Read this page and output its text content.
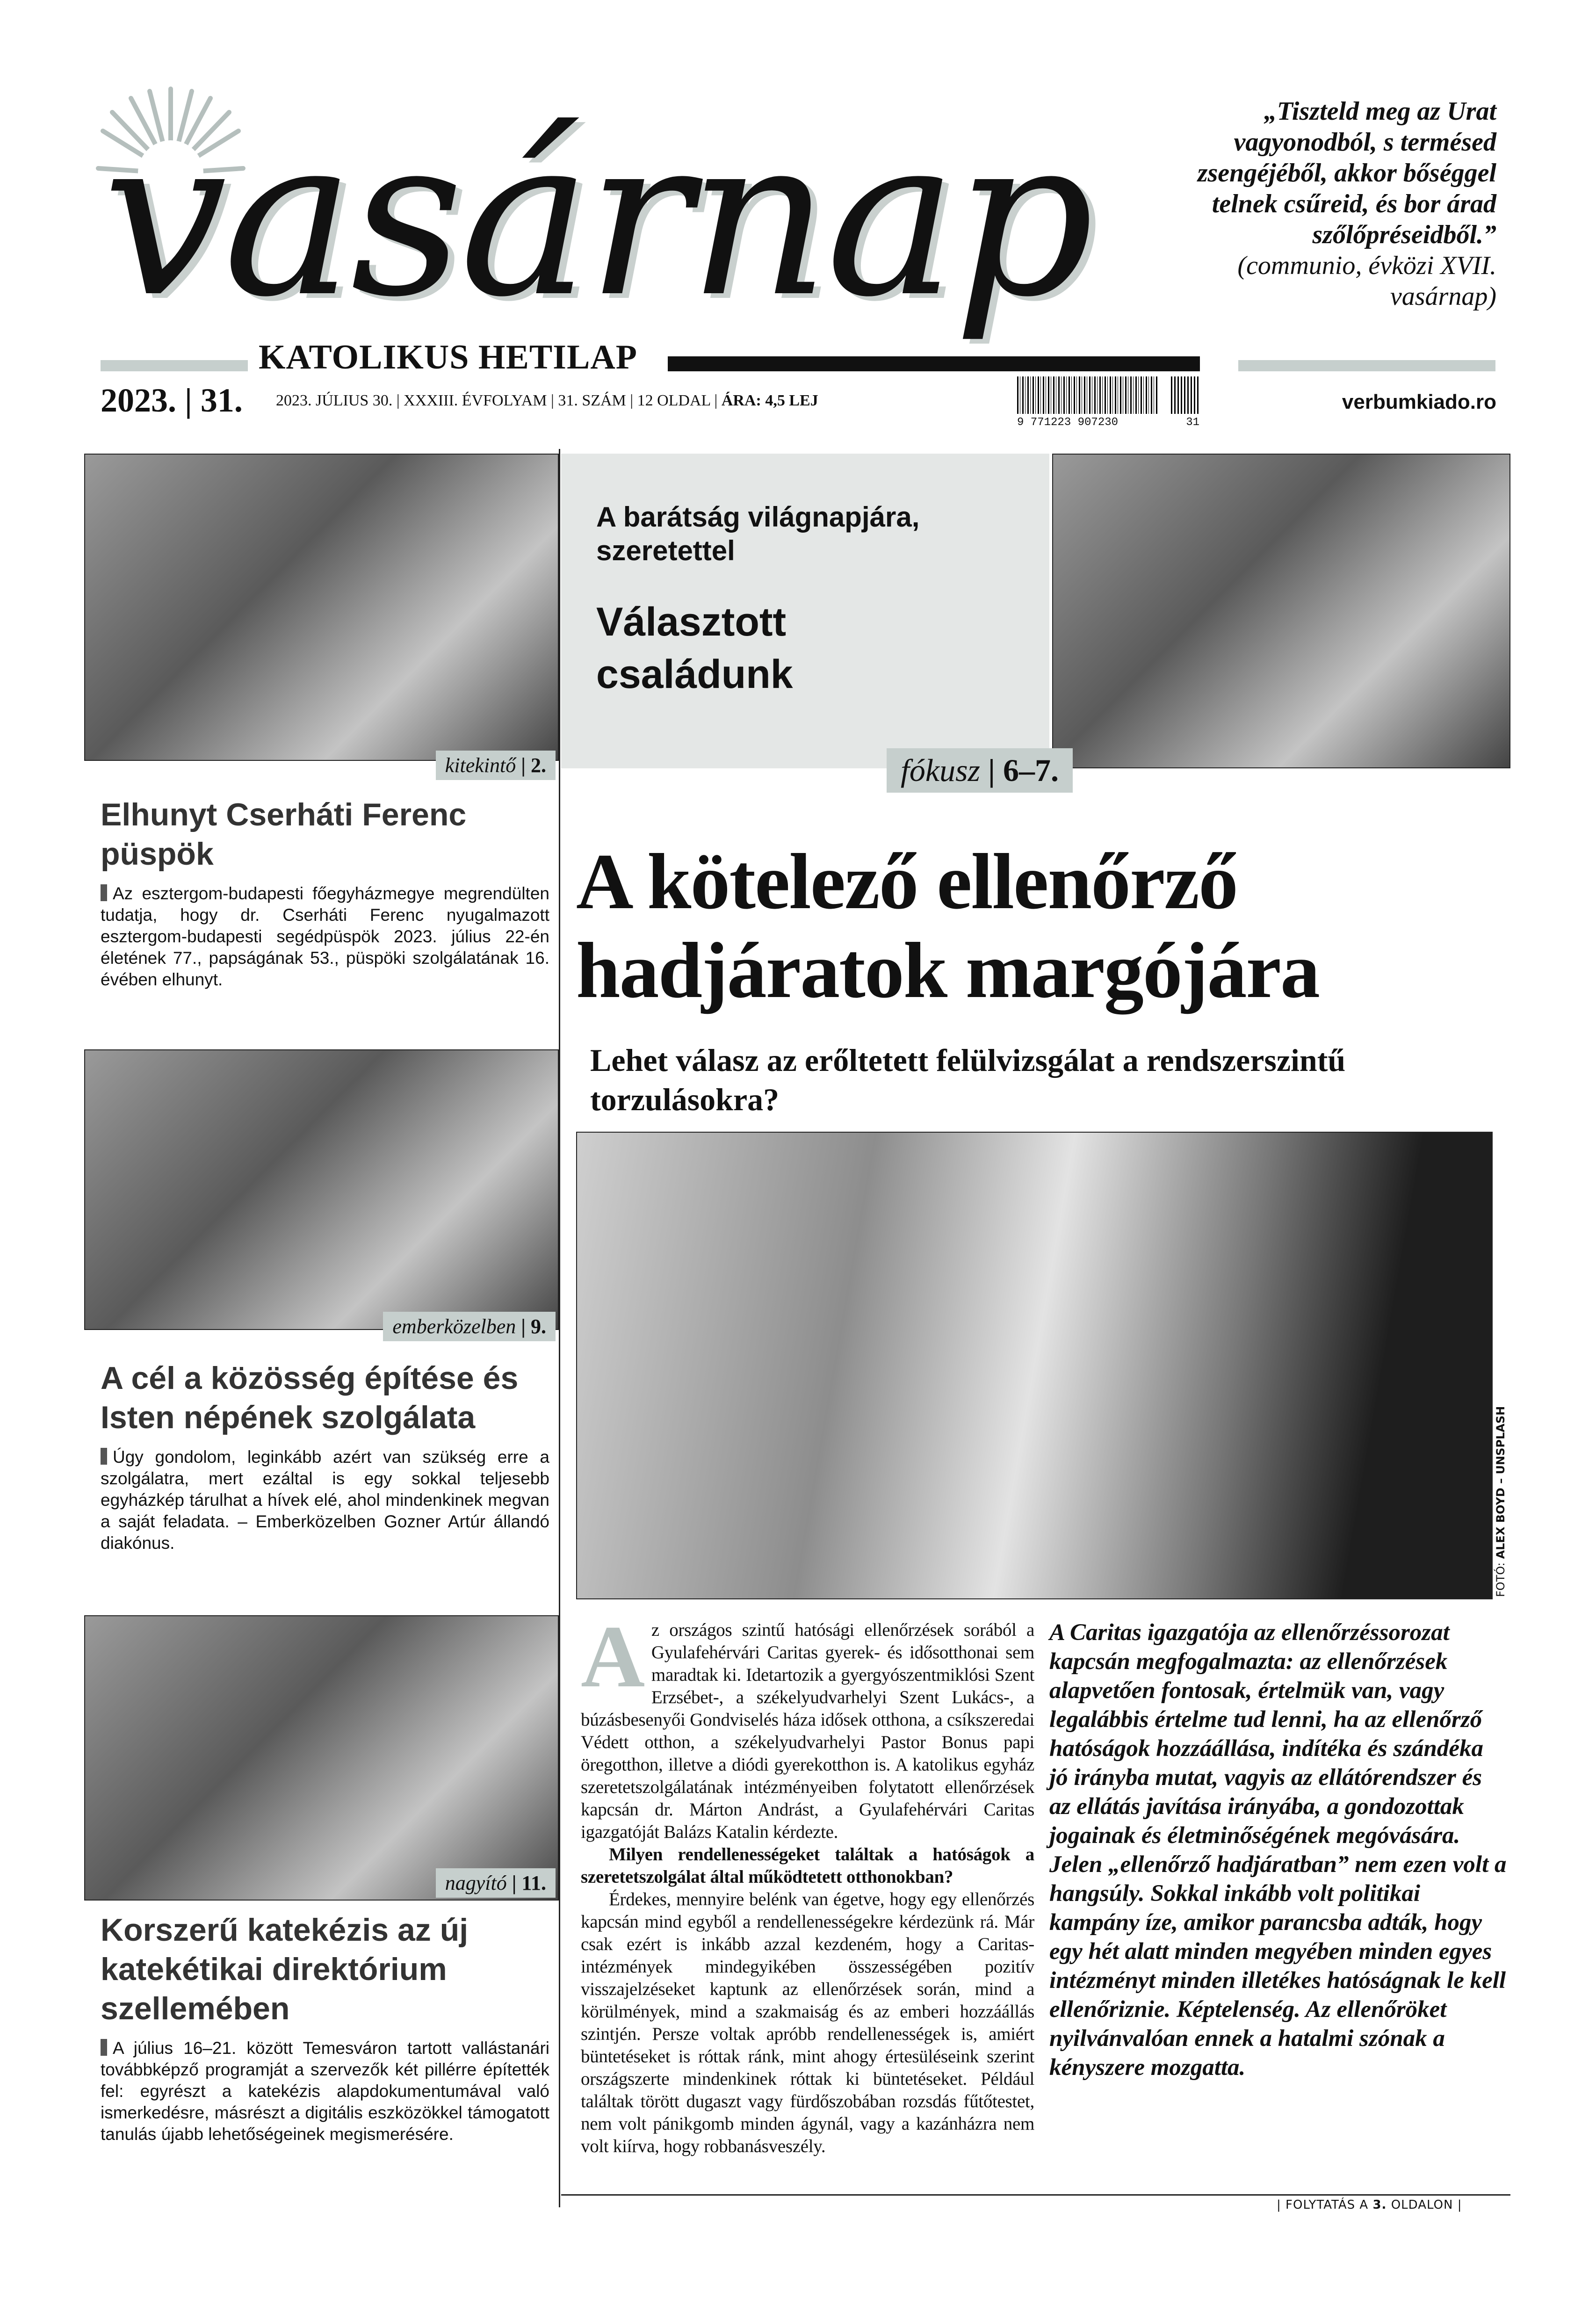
vasárnap
KATOLIKUS HETILAP
„Tiszteld meg az Urat vagyonodból, s termésed zsengéjéből, akkor bőséggel telnek csűreid, és bor árad szőlőpréseidből.”
(communio, évközi XVII. vasárnap)
2023. | 31. 2023. JÚLIUS 30. | XXXIII. ÉVFOLYAM | 31. SZÁM | 12 OLDAL | ÁRA: 4,5 LEJ

9 771223 907230	31
verbumkiado.ro
kitekintő | 2.
Elhunyt Cserháti Ferenc püspök
Az esztergom-budapesti főegyházmegye megrendülten tudatja, hogy dr. Cserháti Ferenc nyugalmazott esztergom-budapesti segédpüspök 2023. július 22-én életének 77., papságának 53., püspöki szolgálatának 16. évében elhunyt.
emberközelben | 9.
A cél a közösség építése és Isten népének szolgálata
Úgy gondolom, leginkább azért van szükség erre a szolgálatra, mert ezáltal is egy sokkal teljesebb egyházkép tárulhat a hívek elé, ahol mindenkinek megvan a saját feladata. – Emberközelben Gozner Artúr állandó diakónus.
nagyító | 11.
Korszerű katekézis az új katekétikai direktórium szellemében
A július 16–21. között Temesváron tartott vallástanári továbbképző programját a szervezők két pillérre építették fel: egyrészt a katekézis alapdokumentumával való ismerkedésre, másrészt a digitális eszközökkel támogatott tanulás újabb lehetőségeinek megismerésére.
A barátság világnapjára, szeretettel
Választott családunk
fókusz | 6–7.
A kötelező ellenőrző hadjáratok margójára
Lehet válasz az erőltetett felülvizsgálat a rendszerszintű torzulásokra?
FOTÓ: ALEX BOYD – UNSPLASH
A z országos szintű hatósági ellenőrzések sorából a Gyulafehérvári Caritas gyerek- és idősotthonai sem maradtak ki. Idetartozik a gyergyószentmiklósi Szent Erzsébet-, a székelyudvarhelyi Szent Lukács-, a búzásbesenyői Gondviselés háza idősek otthona, a csíkszeredai Védett otthon, a székelyudvarhelyi Pastor Bonus papi öregotthon, illetve a diódi gyerekotthon is. A katolikus egyház szeretetszolgálatának intézményeiben folytatott ellenőrzések kapcsán dr. Márton Andrást, a Gyulafehérvári Caritas igazgatóját Balázs Katalin kérdezte.

Milyen rendellenességeket találtak a hatóságok a szeretetszolgálat által működtetett otthonokban?

Érdekes, mennyire belénk van égetve, hogy egy ellenőrzés kapcsán mind egyből a rendellenességekre kérdezünk rá. Már csak ezért is inkább azzal kezdeném, hogy a Caritas-intézmények mindegyikében összességében pozitív visszajelzéseket kaptunk az ellenőrzések során, mind a körülmények, mind a szakmaiság és az emberi hozzáállás szintjén. Persze voltak apróbb rendellenességek is, amiért büntetéseket is róttak ránk, mint ahogy értesüléseink szerint országszerte mindenkinek róttak ki büntetéseket. Például találtak törött dugaszt vagy fürdőszobában rozsdás fűtőtestet, nem volt pánikgomb minden ágynál, vagy a kazánházra nem volt kiírva, hogy robbanásveszély.

A Caritas igazgatója az ellenőrzéssorozat kapcsán megfogalmazta: az ellenőrzések alapvetően fontosak, értelmük van, vagy legalábbis értelme tud lenni, ha az ellenőrző hatóságok hozzáállása, indítéka és szándéka jó irányba mutat, vagyis az ellátórendszer és az ellátás javítása irányába, a gondozottak jogainak és életminőségének megóvására. Jelen „ellenőrző hadjáratban” nem ezen volt a hangsúly. Sokkal inkább volt politikai kampány íze, amikor parancsba adták, hogy egy hét alatt minden megyében minden egyes intézményt minden illetékes hatóságnak le kell ellenőriznie. Képtelenség. Az ellenőröket nyilvánvalóan ennek a hatalmi szónak a kényszere mozgatta.
| FOLYTATÁS A 3. OLDALON |
